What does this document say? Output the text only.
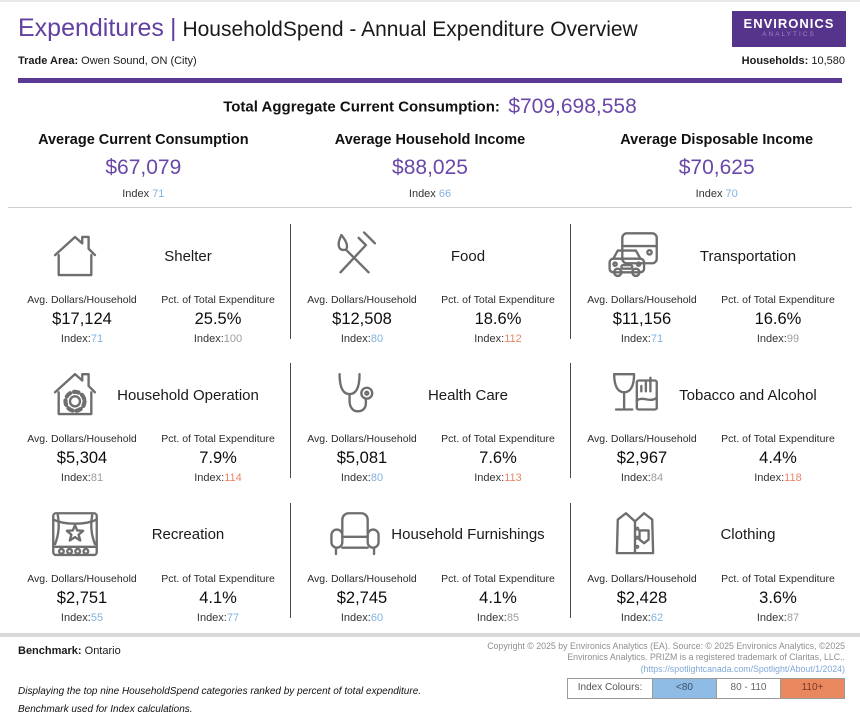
Expenditures | HouseholdSpend - Annual Expenditure Overview	ENVIRONICS
ANALYTICS
Trade Area: Owen Sound, ON (City)	Households: 10,580
Total Aggregate Current Consumption: $709,698,558
Average Current Consumption
$67,079
Index 71
Average Household Income
$88,025
Index 66
Average Disposable Income
$70,625
Index 70
Shelter
Avg. Dollars/Household
$17,124
Index:71
Pct. of Total Expenditure
25.5%
Index:100
Food
Avg. Dollars/Household
$12,508
Index:80
Pct. of Total Expenditure
18.6%
Index:112
Transportation
Avg. Dollars/Household
$11,156
Index:71
Pct. of Total Expenditure
16.6%
Index:99
Household Operation
Avg. Dollars/Household
$5,304
Index:81
Pct. of Total Expenditure
7.9%
Index:114
Health Care
Avg. Dollars/Household
$5,081
Index:80
Pct. of Total Expenditure
7.6%
Index:113
Tobacco and Alcohol
Avg. Dollars/Household
$2,967
Index:84
Pct. of Total Expenditure
4.4%
Index:118
Recreation
Avg. Dollars/Household
$2,751
Index:55
Pct. of Total Expenditure
4.1%
Index:77
Household Furnishings
Avg. Dollars/Household
$2,745
Index:60
Pct. of Total Expenditure
4.1%
Index:85
Clothing
Avg. Dollars/Household
$2,428
Index:62
Pct. of Total Expenditure
3.6%
Index:87
Benchmark: Ontario	Copyright © 2025 by Environics Analytics (EA). Source: © 2025 Environics Analytics, ©2025
Environics Analytics. PRIZM is a registered trademark of Claritas, LLC..
(https://spotlightcanada.com/Spotlight/About/1/2024)
Displaying the top nine HouseholdSpend categories ranked by percent of total expenditure.
Benchmark used for Index calculations.
Index Colours:	<80	80 - 110	110+
